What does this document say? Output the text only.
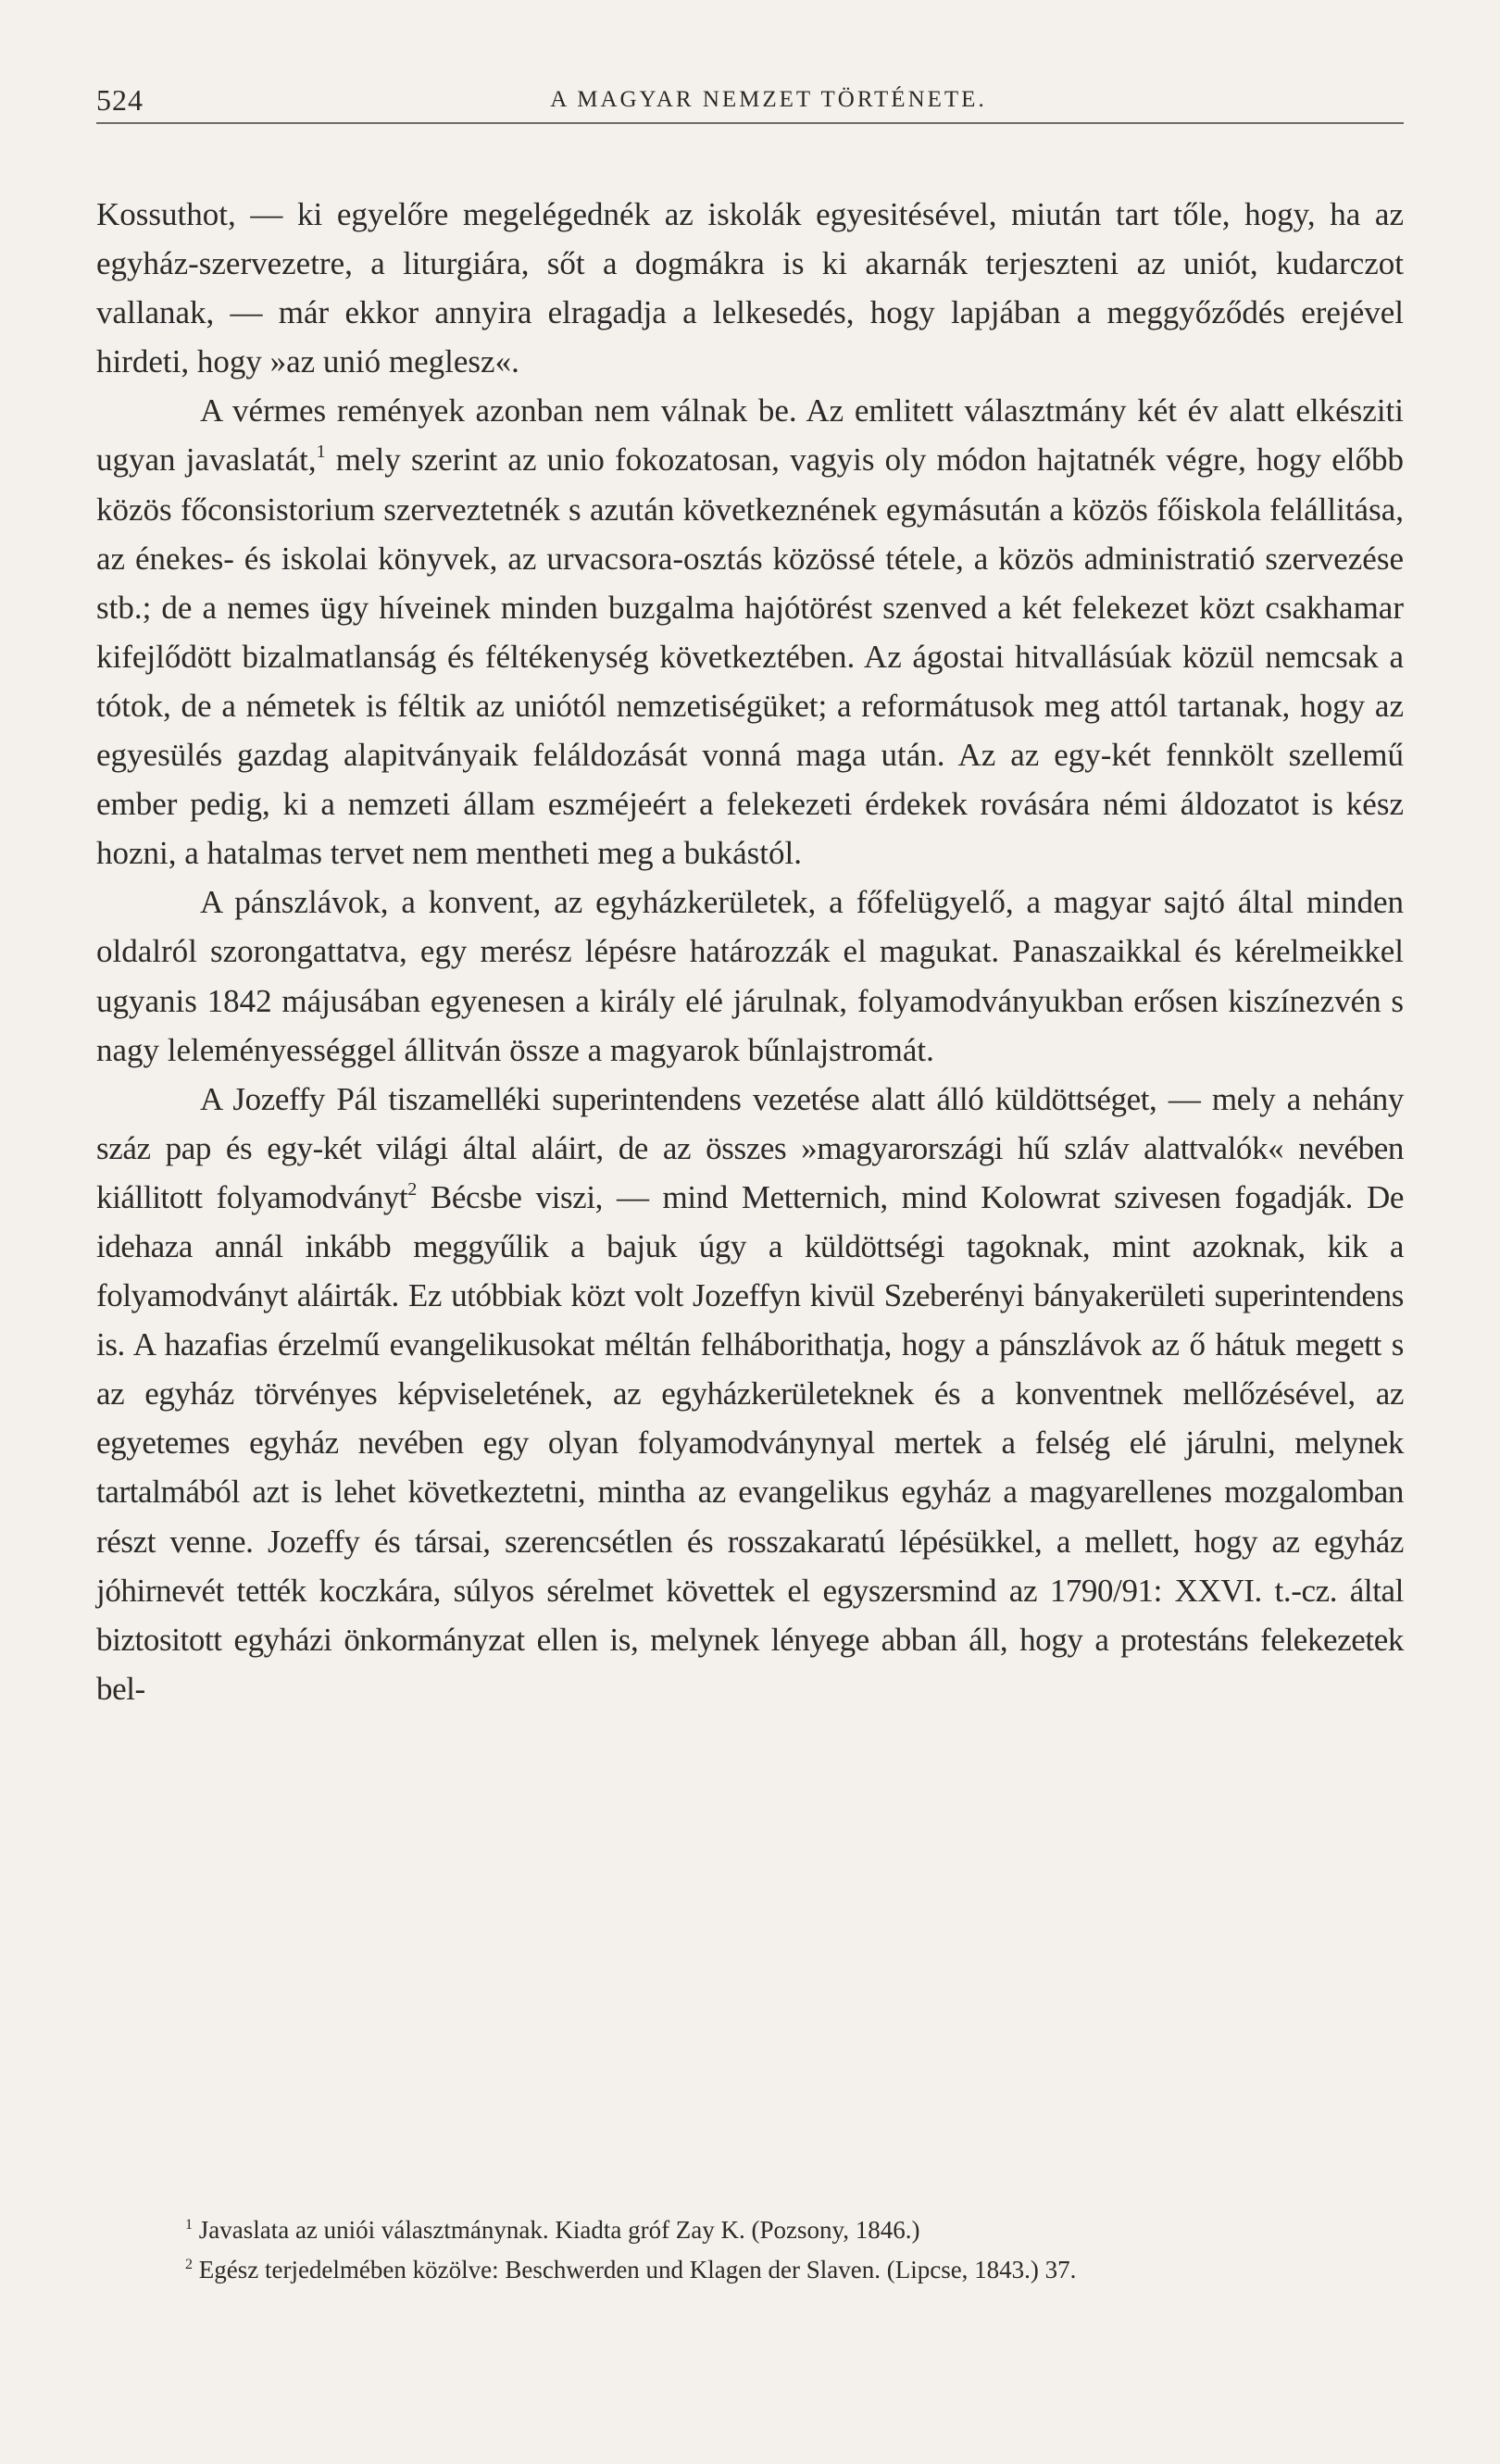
524	A MAGYAR NEMZET TÖRTÉNETE.

Kossuthot, — ki egyelőre megelégednék az iskolák egyesitésével, miután tart tőle, hogy, ha az egyház-szervezetre, a liturgiára, sőt a dogmákra is ki akarnák terjeszteni az uniót, kudarczot vallanak, — már ekkor annyira elragadja a lelkesedés, hogy lapjában a meggyőződés erejével hirdeti, hogy »az unió meglesz«.

A vérmes remények azonban nem válnak be. Az emlitett választmány két év alatt elkésziti ugyan javaslatát,$^1$ mely szerint az unio fokozatosan, vagyis oly módon hajtatnék végre, hogy előbb közös főconsistorium szerveztetnék s azután következnének egymásután a közös főiskola felállitása, az énekes- és iskolai könyvek, az urvacsora-osztás közössé tétele, a közös administratió szervezése stb.; de a nemes ügy híveinek minden buzgalma hajótörést szenved a két felekezet közt csakhamar kifejlődött bizalmatlanság és féltékenység következtében. Az ágostai hitvallásúak közül nemcsak a tótok, de a németek is féltik az uniótól nemzetiségüket; a reformátusok meg attól tartanak, hogy az egyesülés gazdag alapitványaik feláldozását vonná maga után. Az az egy-két fennkölt szellemű ember pedig, ki a nemzeti állam eszméjeért a felekezeti érdekek rovására némi áldozatot is kész hozni, a hatalmas tervet nem mentheti meg a bukástól.

A pánszlávok, a konvent, az egyházkerületek, a főfelügyelő, a magyar sajtó által minden oldalról szorongattatva, egy merész lépésre határozzák el magukat. Panaszaikkal és kérelmeikkel ugyanis 1842 májusában egyenesen a király elé járulnak, folyamodványukban erősen kiszínezvén s nagy leleményességgel állitván össze a magyarok bűnlajstromát.

A Jozeffy Pál tiszamelléki superintendens vezetése alatt álló küldöttséget, — mely a nehány száz pap és egy-két világi által aláirt, de az összes »magyarországi hű szláv alattvalók« nevében kiállitott folyamodványt$^2$ Bécsbe viszi, — mind Metternich, mind Kolowrat szivesen fogadják. De idehaza annál inkább meggyűlik a bajuk úgy a küldöttségi tagoknak, mint azoknak, kik a folyamodványt aláirták. Ez utóbbiak közt volt Jozeffyn kivül Szeberényi bányakerületi superintendens is. A hazafias érzelmű evangelikusokat méltán felháborithatja, hogy a pánszlávok az ő hátuk megett s az egyház törvényes képviseletének, az egyházkerületeknek és a konventnek mellőzésével, az egyetemes egyház nevében egy olyan folyamodványnyal mertek a felség elé járulni, melynek tartalmából azt is lehet következtetni, mintha az evangelikus egyház a magyarellenes mozgalomban részt venne. Jozeffy és társai, szerencsétlen és rosszakaratú lépésükkel, a mellett, hogy az egyház jóhirnevét tették koczkára, súlyos sérelmet követtek el egyszersmind az 1790/91: XXVI. t.-cz. által biztositott egyházi önkormányzat ellen is, melynek lényege abban áll, hogy a protestáns felekezetek bel-

$^1$ Javaslata az uniói választmánynak. Kiadta gróf Zay K. (Pozsony, 1846.)

$^2$ Egész terjedelmében közölve: Beschwerden und Klagen der Slaven. (Lipcse, 1843.) 37.
